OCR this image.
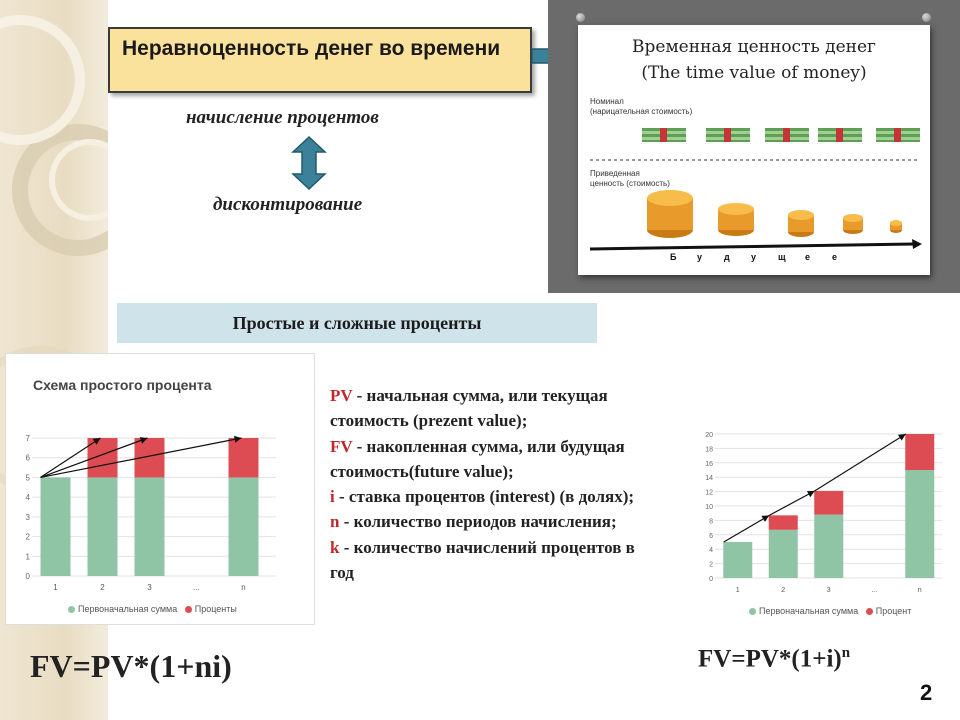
Неравноценность денег во времени
начисление процентов
дисконтирование
Временная ценность денег
(The time value of money)
Номинал
(нарицательная стоимость)
Приведенная
ценность (стоимость)
Б у д у щ е е
Простые и сложные проценты
Схема простого процента
0
1
2
3
4
5
6
7
1	2	3	...	n
Первоначальная сумма Проценты
PV - начальная сумма, или текущая стоимость (prezent value);
FV - накопленная сумма, или будущая стоимость(future value);
i - ставка процентов (interest) (в долях);
n - количество периодов начисления;
k - количество начислений процентов в год	0
2
4
6
8
10
12
14
16
18
20
1	2	3	...	n
Первоначальная сумма Процент
FV=PV*(1+ni)	$FV=PV*(1+i)^n$
2
